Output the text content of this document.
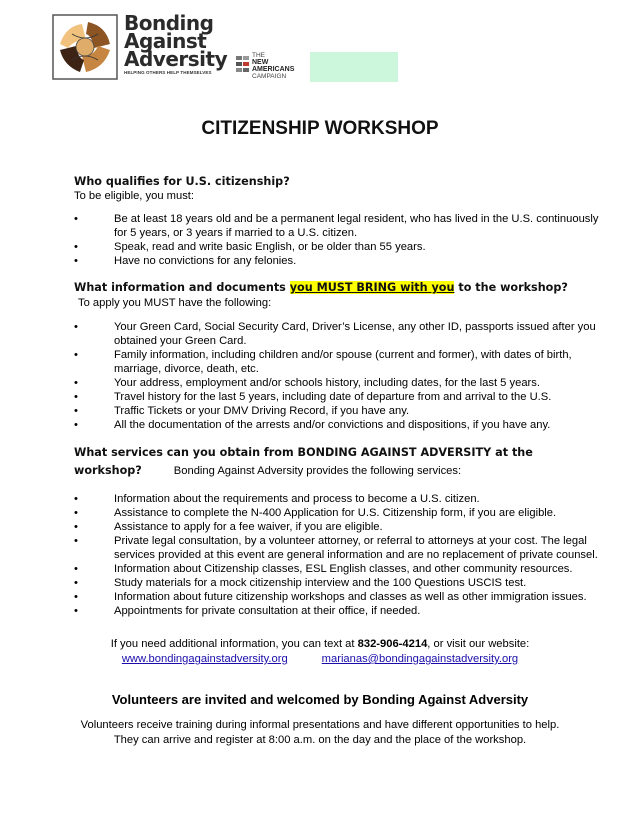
Bonding
Against
Adversity
HELPING OTHERS HELP THEMSELVES
THE
NEW AMERICANS
CAMPAIGN
CITIZENSHIP WORKSHOP
Who qualifies for U.S. citizenship?
To be eligible, you must:
•	Be at least 18 years old and be a permanent legal resident, who has lived in the U.S. continuously for 5 years, or 3 years if married to a U.S. citizen.
•	Speak, read and write basic English, or be older than 55 years.
•	Have no convictions for any felonies.
What information and documents you MUST BRING with you to the workshop?
To apply you MUST have the following:
•	Your Green Card, Social Security Card, Driver’s License, any other ID, passports issued after you obtained your Green Card.
•	Family information, including children and/or spouse (current and former), with dates of birth, marriage, divorce, death, etc.
•	Your address, employment and/or schools history, including dates, for the last 5 years.
•	Travel history for the last 5 years, including date of departure from and arrival to the U.S.
•	Traffic Tickets or your DMV Driving Record, if you have any.
•	All the documentation of the arrests and/or convictions and dispositions, if you have any.
What services can you obtain from BONDING AGAINST ADVERSITY at the
workshop?	Bonding Against Adversity provides the following services:
•	Information about the requirements and process to become a U.S. citizen.
•	Assistance to complete the N-400 Application for U.S. Citizenship form, if you are eligible.
•	Assistance to apply for a fee waiver, if you are eligible.
•	Private legal consultation, by a volunteer attorney, or referral to attorneys at your cost. The legal services provided at this event are general information and are no replacement of private counsel.
•	Information about Citizenship classes, ESL English classes, and other community resources.
•	Study materials for a mock citizenship interview and the 100 Questions USCIS test.
•	Information about future citizenship workshops and classes as well as other immigration issues.
•	Appointments for private consultation at their office, if needed.
If you need additional information, you can text at 832-906-4214, or visit our website:
www.bondingagainstadversity.org	marianas@bondingagainstadversity.org
Volunteers are invited and welcomed by Bonding Against Adversity
Volunteers receive training during informal presentations and have different opportunities to help.
They can arrive and register at 8:00 a.m. on the day and the place of the workshop.
